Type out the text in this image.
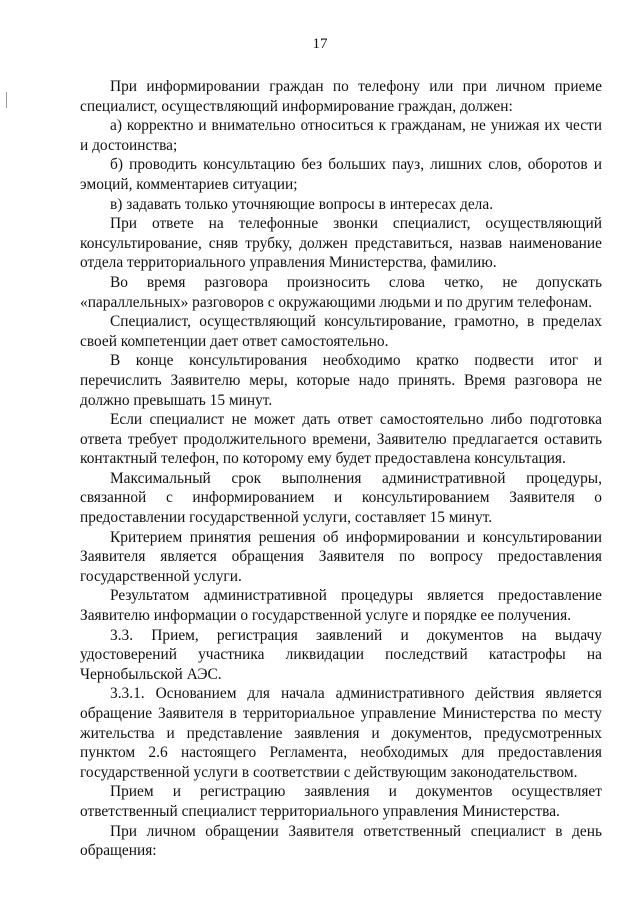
17

При информировании граждан по телефону или при личном приеме специалист, осуществляющий информирование граждан, должен:

а) корректно и внимательно относиться к гражданам, не унижая их чести и достоинства;

б) проводить консультацию без больших пауз, лишних слов, оборотов и эмоций, комментариев ситуации;

в) задавать только уточняющие вопросы в интересах дела.

При ответе на телефонные звонки специалист, осуществляющий консультирование, сняв трубку, должен представиться, назвав наименование отдела территориального управления Министерства, фамилию.

Во время разговора произносить слова четко, не допускать «параллельных» разговоров с окружающими людьми и по другим телефонам.

Специалист, осуществляющий консультирование, грамотно, в пределах своей компетенции дает ответ самостоятельно.

В конце консультирования необходимо кратко подвести итог и перечислить Заявителю меры, которые надо принять. Время разговора не должно превышать 15 минут.

Если специалист не может дать ответ самостоятельно либо подготовка ответа требует продолжительного времени, Заявителю предлагается оставить контактный телефон, по которому ему будет предоставлена консультация.

Максимальный срок выполнения административной процедуры, связанной с информированием и консультированием Заявителя о предоставлении государственной услуги, составляет 15 минут.

Критерием принятия решения об информировании и консультировании Заявителя является обращения Заявителя по вопросу предоставления государственной услуги.

Результатом административной процедуры является предоставление Заявителю информации о государственной услуге и порядке ее получения.

3.3. Прием, регистрация заявлений и документов на выдачу удостоверений участника ликвидации последствий катастрофы на Чернобыльской АЭС.

3.3.1. Основанием для начала административного действия является обращение Заявителя в территориальное управление Министерства по месту жительства и представление заявления и документов, предусмотренных пунктом 2.6 настоящего Регламента, необходимых для предоставления государственной услуги в соответствии с действующим законодательством.

Прием и регистрацию заявления и документов осуществляет ответственный специалист территориального управления Министерства.

При личном обращении Заявителя ответственный специалист в день обращения:
